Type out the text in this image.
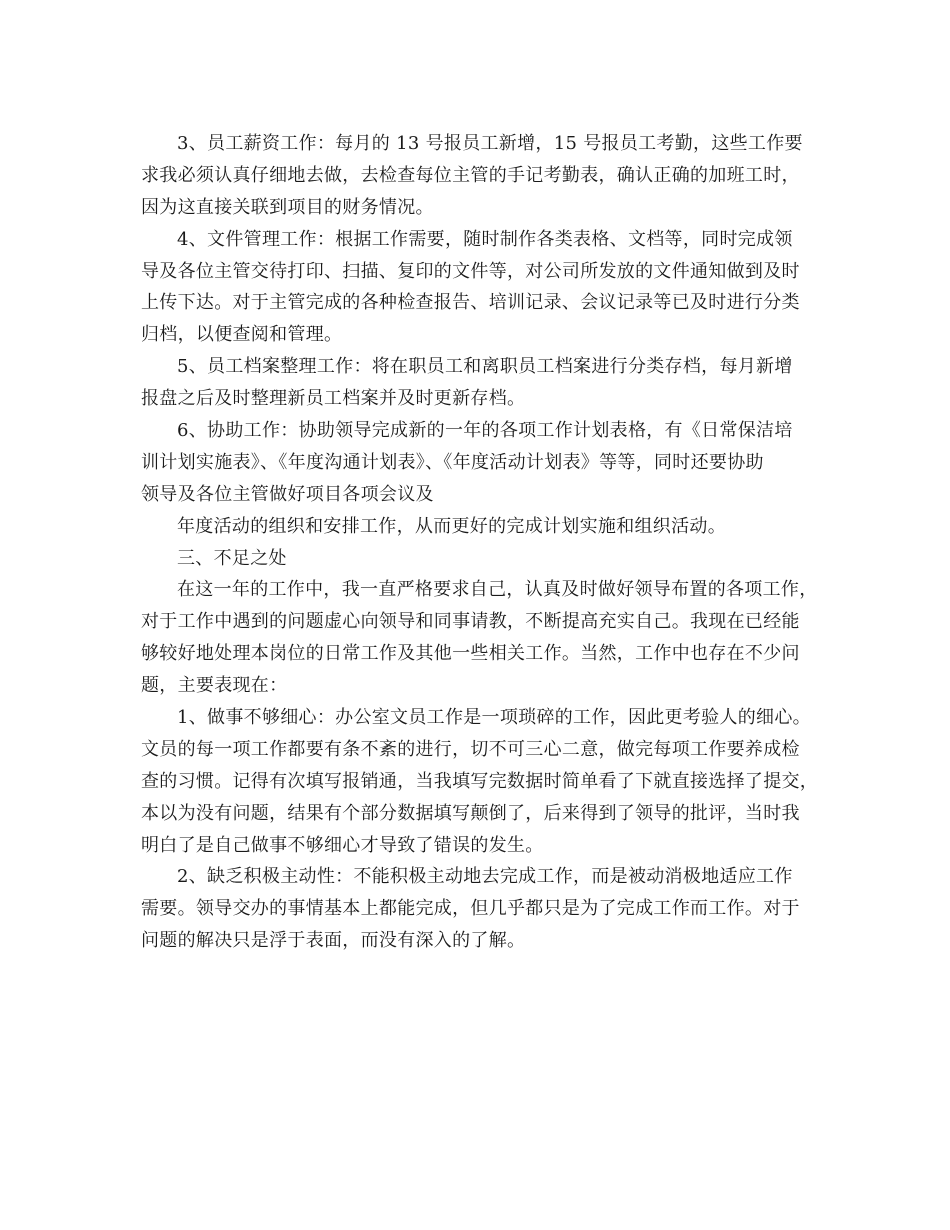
3、员工薪资工作：每月的 13 号报员工新增，15 号报员工考勤，这些工作要
求我必须认真仔细地去做，去检查每位主管的手记考勤表，确认正确的加班工时，
因为这直接关联到项目的财务情况。
4、文件管理工作：根据工作需要，随时制作各类表格、文档等，同时完成领
导及各位主管交待打印、扫描、复印的文件等，对公司所发放的文件通知做到及时
上传下达。对于主管完成的各种检查报告、培训记录、会议记录等已及时进行分类
归档，以便查阅和管理。
5、员工档案整理工作：将在职员工和离职员工档案进行分类存档，每月新增
报盘之后及时整理新员工档案并及时更新存档。
6、协助工作：协助领导完成新的一年的各项工作计划表格，有《日常保洁培
训计划实施表》、《年度沟通计划表》、《年度活动计划表》等等，同时还要协助
领导及各位主管做好项目各项会议及
年度活动的组织和安排工作，从而更好的完成计划实施和组织活动。
三、不足之处
在这一年的工作中，我一直严格要求自己，认真及时做好领导布置的各项工作，
对于工作中遇到的问题虚心向领导和同事请教，不断提高充实自己。我现在已经能
够较好地处理本岗位的日常工作及其他一些相关工作。当然，工作中也存在不少问
题，主要表现在：
1、做事不够细心：办公室文员工作是一项琐碎的工作，因此更考验人的细心。
文员的每一项工作都要有条不紊的进行，切不可三心二意，做完每项工作要养成检
查的习惯。记得有次填写报销通，当我填写完数据时简单看了下就直接选择了提交，
本以为没有问题，结果有个部分数据填写颠倒了，后来得到了领导的批评，当时我
明白了是自己做事不够细心才导致了错误的发生。
2、缺乏积极主动性：不能积极主动地去完成工作，而是被动消极地适应工作
需要。领导交办的事情基本上都能完成，但几乎都只是为了完成工作而工作。对于
问题的解决只是浮于表面，而没有深入的了解。
